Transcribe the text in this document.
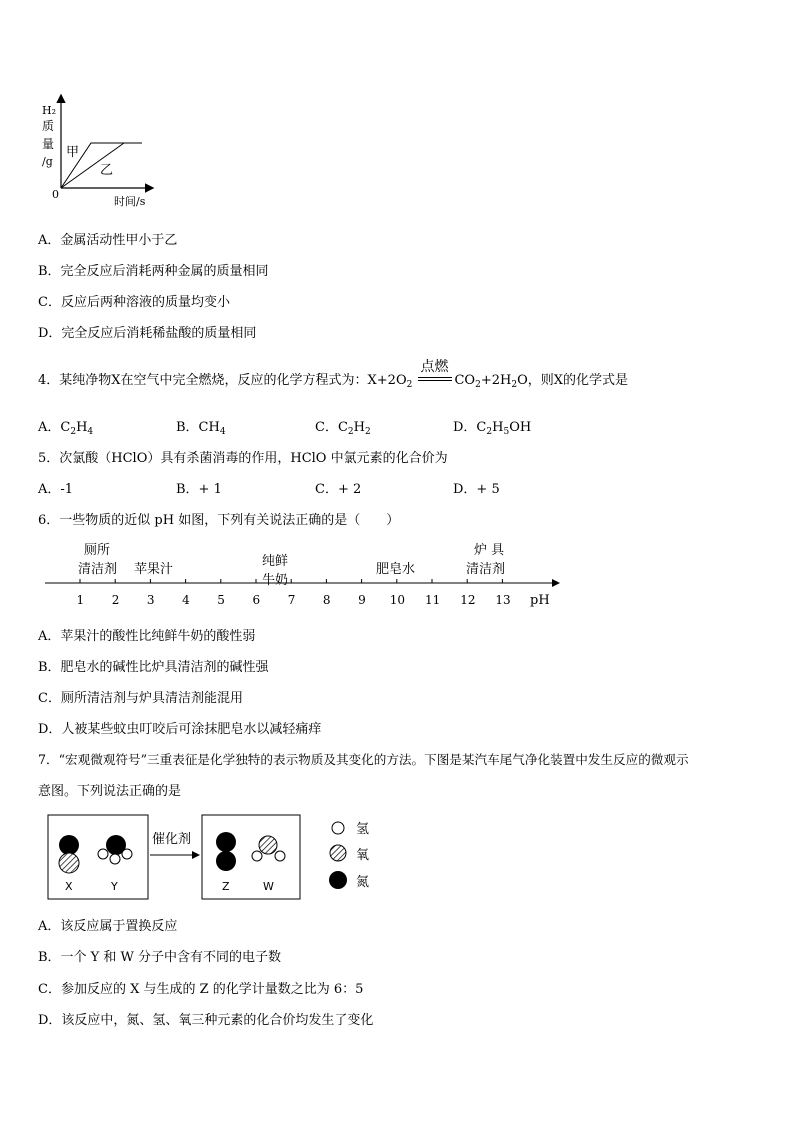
H₂
质
量
/g
0
甲
乙
时间/s
A．金属活动性甲小于乙
B．完全反应后消耗两种金属的质量相同
C．反应后两种溶液的质量均变小
D．完全反应后消耗稀盐酸的质量相同
4．某纯净物X在空气中完全燃烧，反应的化学方程式为：$X+2O_2$
点燃
$CO_2+2H_2O$，则X的化学式是
A．$C_2H_4$	B．$CH_4$	C．$C_2H_2$	D．$C_2H_5OH$
5．次氯酸（HClO）具有杀菌消毒的作用，HClO 中氯元素的化合价为
A．-1	B．+ 1	C．+ 2	D．+ 5
6．一些物质的近似 pH 如图，下列有关说法正确的是（　　）
1 2 3 4 5 6 7 8 9 10 11 12 13 pH
厕所
清洁剂 苹果汁
纯鲜
牛奶
肥皂水
炉 具
清洁剂
A．苹果汁的酸性比纯鲜牛奶的酸性弱
B．肥皂水的碱性比炉具清洁剂的碱性强
C．厕所清洁剂与炉具清洁剂能混用
D．人被某些蚊虫叮咬后可涂抹肥皂水以减轻痛痒
7．“宏观微观符号”三重表征是化学独特的表示物质及其变化的方法。下图是某汽车尾气净化装置中发生反应的微观示
意图。下列说法正确的是
X	Y
催化剂
Z	W
氢
氧
氮
A．该反应属于置换反应
B．一个 Y 和 W 分子中含有不同的电子数
C．参加反应的 X 与生成的 Z 的化学计量数之比为 6：5
D．该反应中，氮、氢、氧三种元素的化合价均发生了变化
